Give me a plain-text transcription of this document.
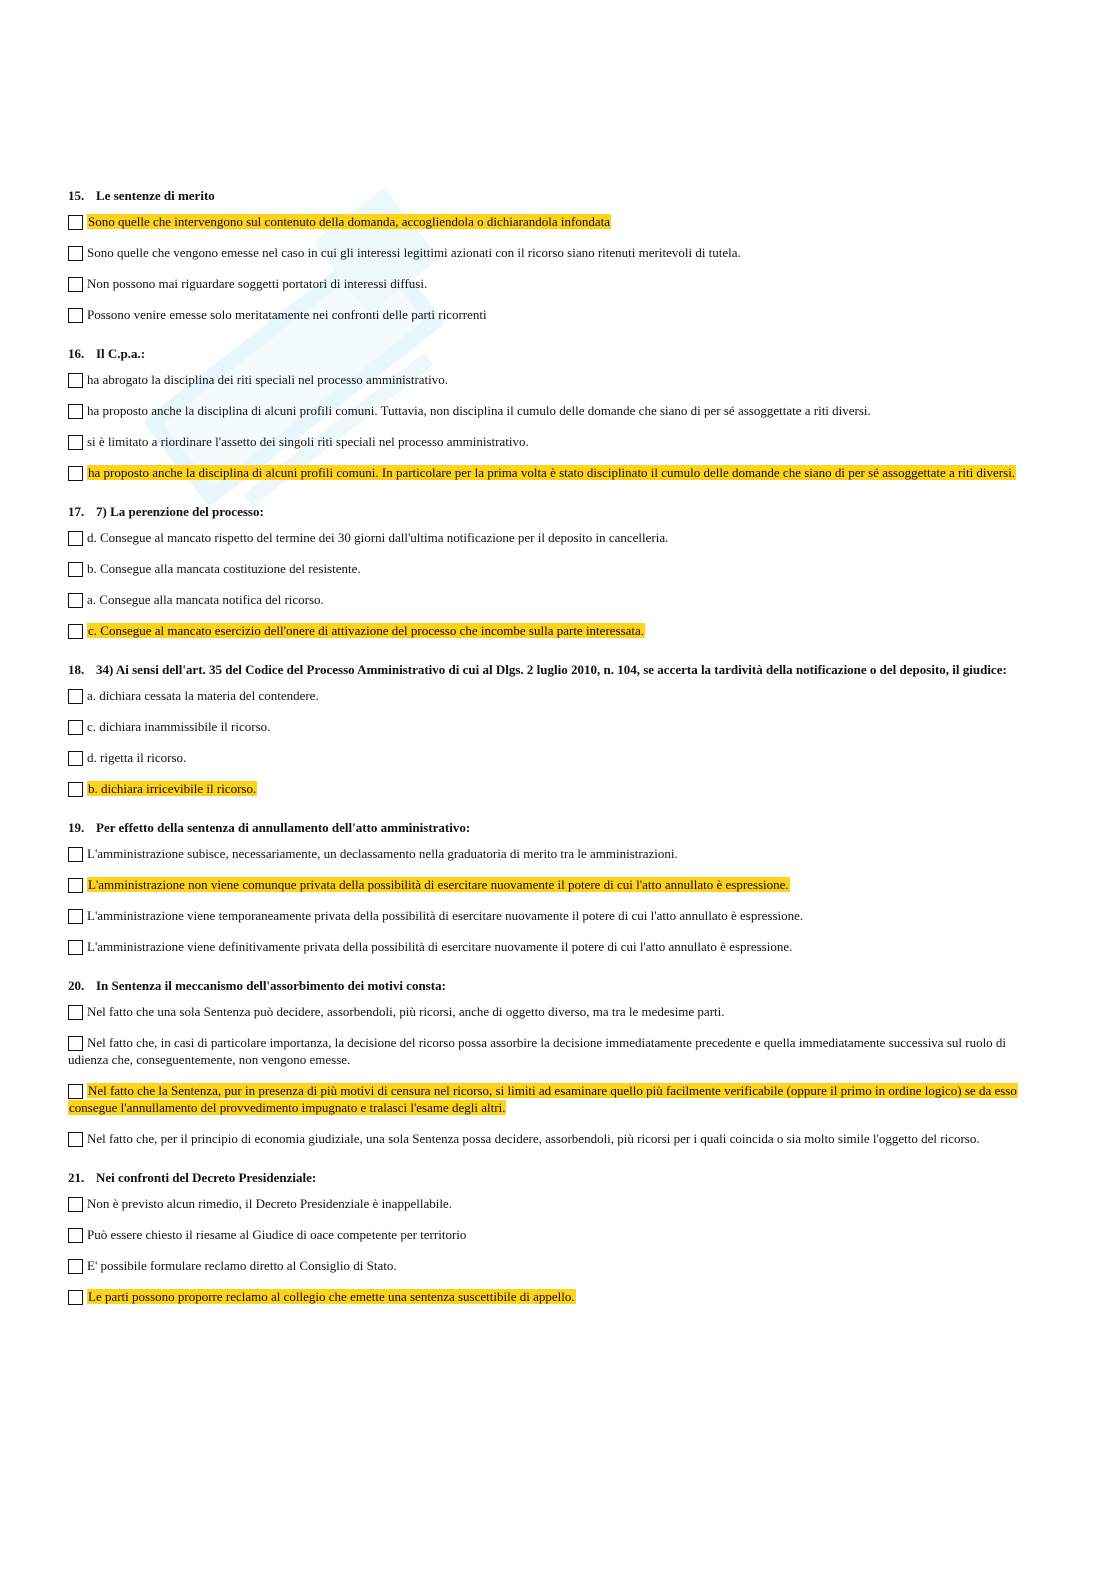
15. Le sentenze di merito
Sono quelle che intervengono sul contenuto della domanda, accogliendola o dichiarandola infondata
Sono quelle che vengono emesse nel caso in cui gli interessi legittimi azionati con il ricorso siano ritenuti meritevoli di tutela.
Non possono mai riguardare soggetti portatori di interessi diffusi.
Possono venire emesse solo meritatamente nei confronti delle parti ricorrenti
16. Il C.p.a.:
ha abrogato la disciplina dei riti speciali nel processo amministrativo.
ha proposto anche la disciplina di alcuni profili comuni. Tuttavia, non disciplina il cumulo delle domande che siano di per sé assoggettate a riti diversi.
si è limitato a riordinare l'assetto dei singoli riti speciali nel processo amministrativo.
ha proposto anche la disciplina di alcuni profili comuni. In particolare per la prima volta è stato disciplinato il cumulo delle domande che siano di per sé assoggettate a riti diversi.
17. 7) La perenzione del processo:
d. Consegue al mancato rispetto del termine dei 30 giorni dall'ultima notificazione per il deposito in cancelleria.
b. Consegue alla mancata costituzione del resistente.
a. Consegue alla mancata notifica del ricorso.
c. Consegue al mancato esercizio dell'onere di attivazione del processo che incombe sulla parte interessata.
18. 34) Ai sensi dell'art. 35 del Codice del Processo Amministrativo di cui al Dlgs. 2 luglio 2010, n. 104, se accerta la tardività della notificazione o del deposito, il giudice:
a. dichiara cessata la materia del contendere.
c. dichiara inammissibile il ricorso.
d. rigetta il ricorso.
b. dichiara irricevibile il ricorso.
19. Per effetto della sentenza di annullamento dell'atto amministrativo:
L'amministrazione subisce, necessariamente, un declassamento nella graduatoria di merito tra le amministrazioni.
L'amministrazione non viene comunque privata della possibilità di esercitare nuovamente il potere di cui l'atto annullato è espressione.
L'amministrazione viene temporaneamente privata della possibilità di esercitare nuovamente il potere di cui l'atto annullato è espressione.
L'amministrazione viene definitivamente privata della possibilità di esercitare nuovamente il potere di cui l'atto annullato è espressione.
20. In Sentenza il meccanismo dell'assorbimento dei motivi consta:
Nel fatto che una sola Sentenza può decidere, assorbendoli, più ricorsi, anche di oggetto diverso, ma tra le medesime parti.
Nel fatto che, in casi di particolare importanza, la decisione del ricorso possa assorbire la decisione immediatamente precedente e quella immediatamente successiva sul ruolo di udienza che, conseguentemente, non vengono emesse.
Nel fatto che la Sentenza, pur in presenza di più motivi di censura nel ricorso, si limiti ad esaminare quello più facilmente verificabile (oppure il primo in ordine logico) se da esso consegue l'annullamento del provvedimento impugnato e tralasci l'esame degli altri.
Nel fatto che, per il principio di economia giudiziale, una sola Sentenza possa decidere, assorbendoli, più ricorsi per i quali coincida o sia molto simile l'oggetto del ricorso.
21. Nei confronti del Decreto Presidenziale:
Non è previsto alcun rimedio, il Decreto Presidenziale è inappellabile.
Può essere chiesto il riesame al Giudice di oace competente per territorio
E' possibile formulare reclamo diretto al Consiglio di Stato.
Le parti possono proporre reclamo al collegio che emette una sentenza suscettibile di appello.
